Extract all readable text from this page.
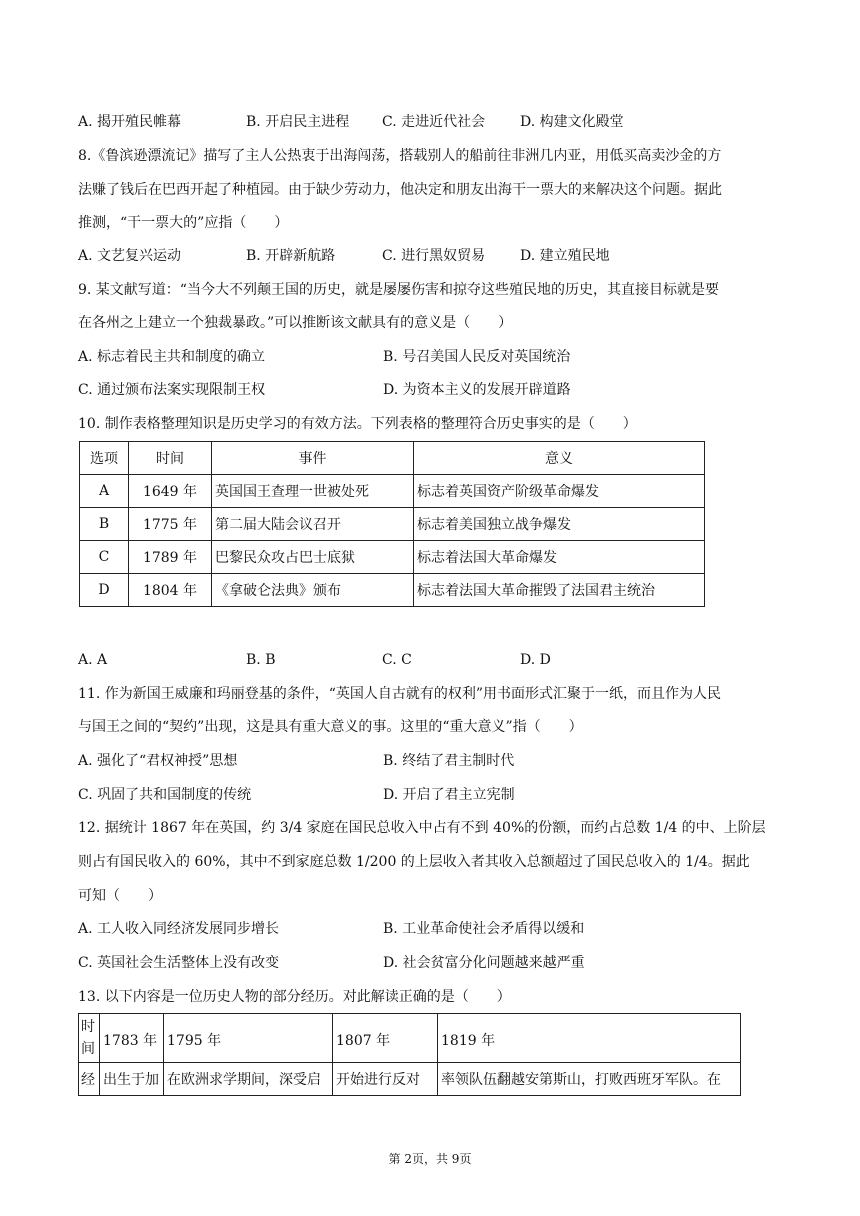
A. 揭开殖民帷幕	B. 开启民主进程 C. 走进近代社会 D. 构建文化殿堂
8.《鲁滨逊漂流记》描写了主人公热衷于出海闯荡，搭载别人的船前往非洲几内亚，用低买高卖沙金的方
法赚了钱后在巴西开起了种植园。由于缺少劳动力，他决定和朋友出海干一票大的来解决这个问题。据此
推测，“干一票大的”应指（　　）
A. 文艺复兴运动	B. 开辟新航路	C. 进行黑奴贸易 D. 建立殖民地
9. 某文献写道：“当今大不列颠王国的历史，就是屡屡伤害和掠夺这些殖民地的历史，其直接目标就是要
在各州之上建立一个独裁暴政。”可以推断该文献具有的意义是（　　）
A. 标志着民主共和制度的确立	B. 号召美国人民反对英国统治
C. 通过颁布法案实现限制王权	D. 为资本主义的发展开辟道路
10. 制作表格整理知识是历史学习的有效方法。下列表格的整理符合历史事实的是（　　）
选项	时间	事件	意义
A	1649 年	英国国王查理一世被处死	标志着英国资产阶级革命爆发
B	1775 年	第二届大陆会议召开	标志着美国独立战争爆发
C	1789 年	巴黎民众攻占巴士底狱	标志着法国大革命爆发
D	1804 年	《拿破仑法典》颁布	标志着法国大革命摧毁了法国君主统治
A. A	B. B	C. C	D. D
11. 作为新国王威廉和玛丽登基的条件，“英国人自古就有的权利”用书面形式汇聚于一纸，而且作为人民
与国王之间的“契约”出现，这是具有重大意义的事。这里的“重大意义”指（　　）
A. 强化了“君权神授”思想	B. 终结了君主制时代
C. 巩固了共和国制度的传统	D. 开启了君主立宪制
12. 据统计 1867 年在英国，约 3/4 家庭在国民总收入中占有不到 40%的份额，而约占总数 1/4 的中、上阶层
则占有国民收入的 60%，其中不到家庭总数 1/200 的上层收入者其收入总额超过了国民总收入的 1/4。据此
可知（　　）
A. 工人收入同经济发展同步增长	B. 工业革命使社会矛盾得以缓和
C. 英国社会生活整体上没有改变	D. 社会贫富分化问题越来越严重
13. 以下内容是一位历史人物的部分经历。对此解读正确的是（　　）
时间	1783 年	1795 年	1807 年	1819 年
经	出生于加	在欧洲求学期间，深受启	开始进行反对	率领队伍翻越安第斯山，打败西班牙军队。在
第 2页，共 9页
